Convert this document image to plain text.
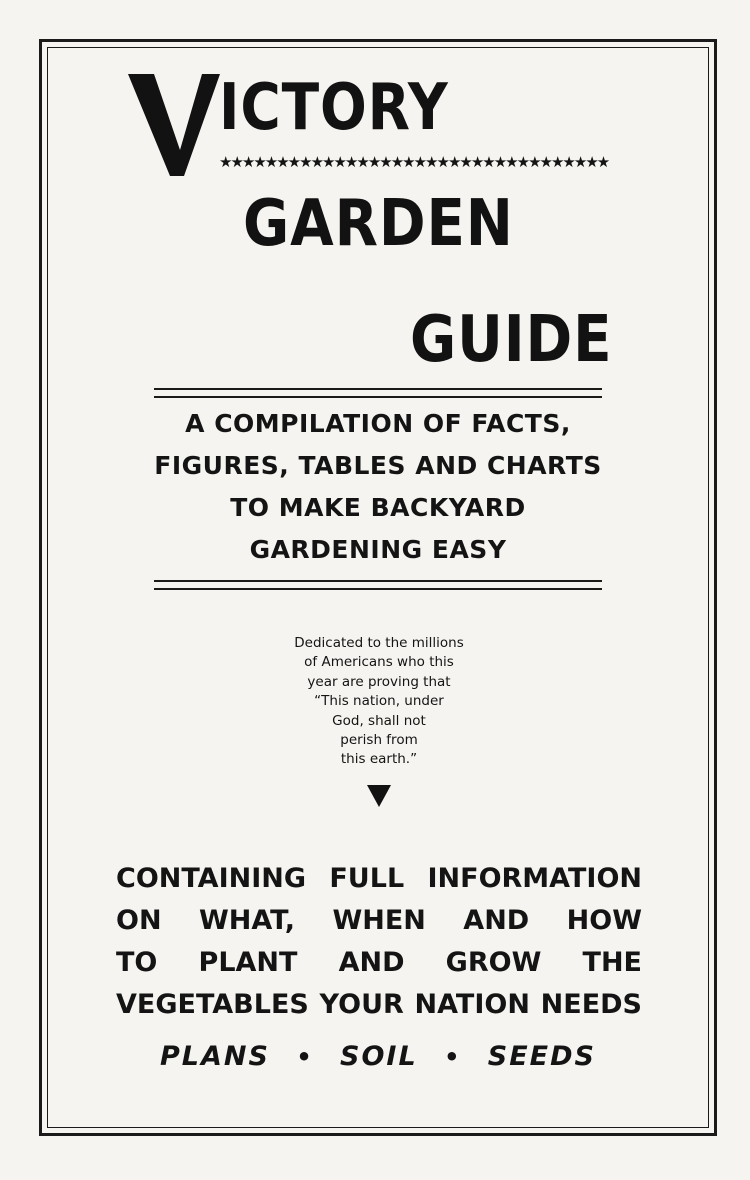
ICTORY
★★★★★★★★★★★★★★★★★★★★★★★★★★★★★★★★★★
GARDEN
GUIDE
A COMPILATION OF FACTS,
FIGURES, TABLES AND CHARTS
TO MAKE BACKYARD
GARDENING EASY
Dedicated to the millions
of Americans who this
year are proving that
“This nation, under
God, shall not
perish from
this earth.”
CONTAINING FULL INFORMATION
ON WHAT, WHEN AND HOW
TO PLANT AND GROW THE
VEGETABLES YOUR NATION NEEDS
PLANS • SOIL • SEEDS
